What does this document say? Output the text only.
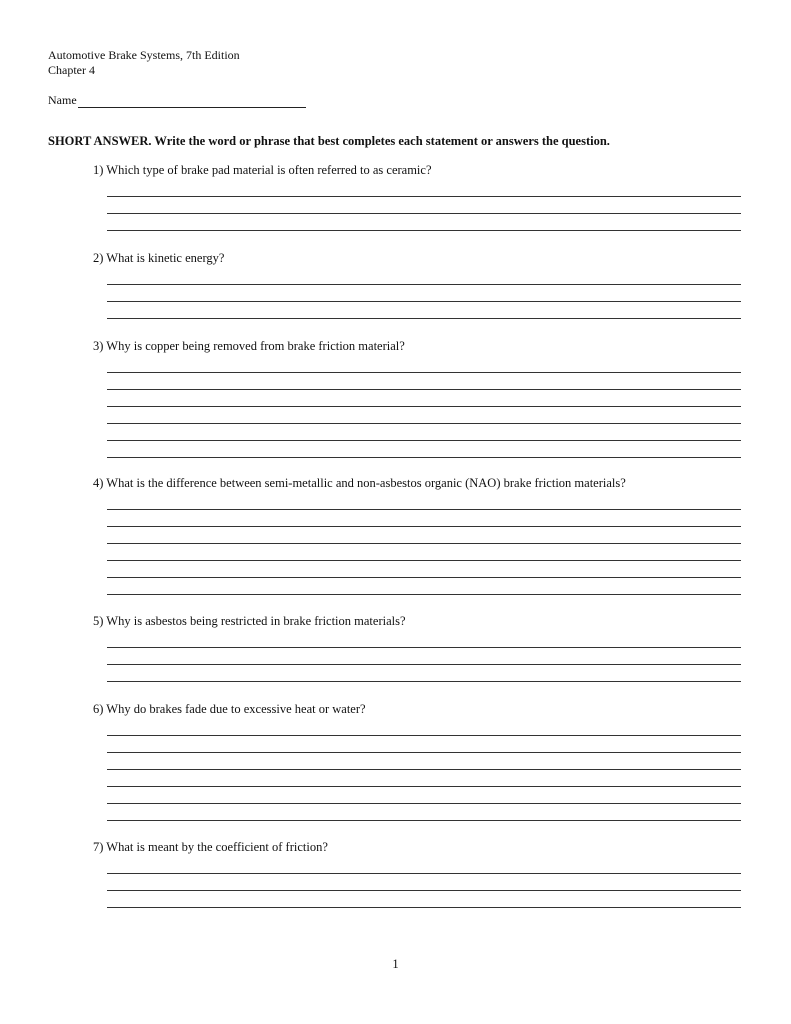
Automotive Brake Systems, 7th Edition
Chapter 4
Name
SHORT ANSWER. Write the word or phrase that best completes each statement or answers the question.
1) Which type of brake pad material is often referred to as ceramic?
2) What is kinetic energy?
3) Why is copper being removed from brake friction material?
4) What is the difference between semi-metallic and non-asbestos organic (NAO) brake friction materials?
5) Why is asbestos being restricted in brake friction materials?
6) Why do brakes fade due to excessive heat or water?
7) What is meant by the coefficient of friction?
1
